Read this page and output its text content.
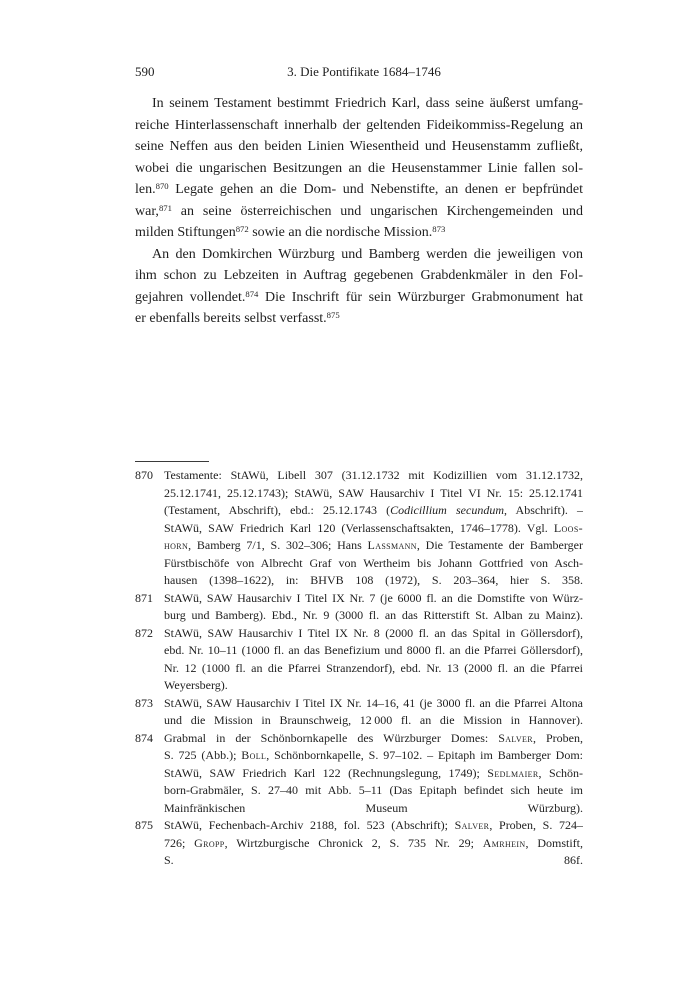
590	3. Die Pontifikate 1684–1746
In seinem Testament bestimmt Friedrich Karl, dass seine äußerst umfang-
reiche Hinterlassenschaft innerhalb der geltenden Fideikommiss-Regelung an
seine Neffen aus den beiden Linien Wiesentheid und Heusenstamm zufließt,
wobei die ungarischen Besitzungen an die Heusenstammer Linie fallen sol-
len.$^{870}$ Legate gehen an die Dom- und Nebenstifte, an denen er bepfründet
war,$^{871}$ an seine österreichischen und ungarischen Kirchengemeinden und
milden Stiftungen$^{872}$ sowie an die nordische Mission.$^{873}$
An den Domkirchen Würzburg und Bamberg werden die jeweiligen von
ihm schon zu Lebzeiten in Auftrag gegebenen Grabdenkmäler in den Fol-
gejahren vollendet.$^{874}$ Die Inschrift für sein Würzburger Grabmonument hat
er ebenfalls bereits selbst verfasst.$^{875}$
870 Testamente: StAWü, Libell 307 (31.12.1732 mit Kodizillien vom 31.12.1732,
25.12.1741, 25.12.1743); StAWü, SAW Hausarchiv I Titel VI Nr. 15: 25.12.1741
(Testament, Abschrift), ebd.: 25.12.1743 (Codicillium secundum, Abschrift). –
StAWü, SAW Friedrich Karl 120 (Verlassenschaftsakten, 1746–1778). Vgl. Loos-
horn, Bamberg 7/1, S. 302–306; Hans Lassmann, Die Testamente der Bamberger
Fürstbischöfe von Albrecht Graf von Wertheim bis Johann Gottfried von Asch-
hausen (1398–1622), in: BHVB 108 (1972), S. 203–364, hier S. 358.
871 StAWü, SAW Hausarchiv I Titel IX Nr. 7 (je 6000 fl. an die Domstifte von Würz-
burg und Bamberg). Ebd., Nr. 9 (3000 fl. an das Ritterstift St. Alban zu Mainz).
872 StAWü, SAW Hausarchiv I Titel IX Nr. 8 (2000 fl. an das Spital in Göllersdorf),
ebd. Nr. 10–11 (1000 fl. an das Benefizium und 8000 fl. an die Pfarrei Göllersdorf),
Nr. 12 (1000 fl. an die Pfarrei Stranzendorf), ebd. Nr. 13 (2000 fl. an die Pfarrei
Weyersberg).
873 StAWü, SAW Hausarchiv I Titel IX Nr. 14–16, 41 (je 3000 fl. an die Pfarrei Altona
und die Mission in Braunschweig, 12 000 fl. an die Mission in Hannover).
874 Grabmal in der Schönbornkapelle des Würzburger Domes: Salver, Proben,
S. 725 (Abb.); Boll, Schönbornkapelle, S. 97–102. – Epitaph im Bamberger Dom:
StAWü, SAW Friedrich Karl 122 (Rechnungslegung, 1749); Sedlmaier, Schön-
born-Grabmäler, S. 27–40 mit Abb. 5–11 (Das Epitaph befindet sich heute im
Mainfränkischen Museum Würzburg).
875 StAWü, Fechenbach-Archiv 2188, fol. 523 (Abschrift); Salver, Proben, S. 724–
726; Gropp, Wirtzburgische Chronick 2, S. 735 Nr. 29; Amrhein, Domstift,
S. 86f.
